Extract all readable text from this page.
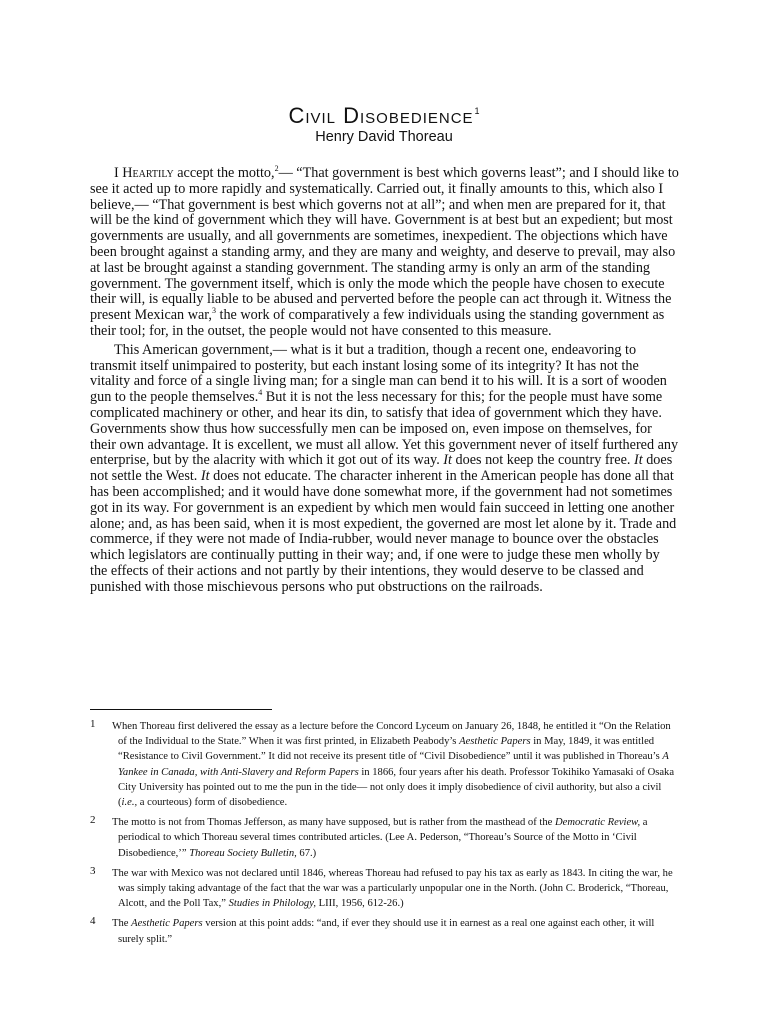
Civil Disobedience$^1$
Henry David Thoreau

I Heartily accept the motto,$^2$— “That government is best which governs least”; and I should like to see it acted up to more rapidly and systematically. Carried out, it finally amounts to this, which also I believe,— “That government is best which governs not at all”; and when men are prepared for it, that will be the kind of government which they will have. Government is at best but an expedient; but most governments are usually, and all governments are sometimes, inexpedient. The objections which have been brought against a standing army, and they are many and weighty, and deserve to prevail, may also at last be brought against a standing government. The standing army is only an arm of the standing government. The government itself, which is only the mode which the people have chosen to execute their will, is equally liable to be abused and perverted before the people can act through it. Witness the present Mexican war,$^3$ the work of comparatively a few individuals using the standing government as their tool; for, in the outset, the people would not have consented to this measure.

This American government,— what is it but a tradition, though a recent one, endeavoring to transmit itself unimpaired to posterity, but each instant losing some of its integrity? It has not the vitality and force of a single living man; for a single man can bend it to his will. It is a sort of wooden gun to the people themselves.$^4$ But it is not the less necessary for this; for the people must have some complicated machinery or other, and hear its din, to satisfy that idea of government which they have. Governments show thus how successfully men can be imposed on, even impose on themselves, for their own advantage. It is excellent, we must all allow. Yet this government never of itself furthered any enterprise, but by the alacrity with which it got out of its way. It does not keep the country free. It does not settle the West. It does not educate. The character inherent in the American people has done all that has been accomplished; and it would have done somewhat more, if the government had not sometimes got in its way. For government is an expedient by which men would fain succeed in letting one another alone; and, as has been said, when it is most expedient, the governed are most let alone by it. Trade and commerce, if they were not made of India-rubber, would never manage to bounce over the obstacles which legislators are continually putting in their way; and, if one were to judge these men wholly by the effects of their actions and not partly by their intentions, they would deserve to be classed and punished with those mischievous persons who put obstructions on the railroads.

1 When Thoreau first delivered the essay as a lecture before the Concord Lyceum on January 26, 1848, he entitled it “On the Relation of the Individual to the State.” When it was first printed, in Elizabeth Peabody’s Aesthetic Papers in May, 1849, it was entitled “Resistance to Civil Government.” It did not receive its present title of “Civil Disobedience” until it was published in Thoreau’s A Yankee in Canada, with Anti-Slavery and Reform Papers in 1866, four years after his death. Professor Tokihiko Yamasaki of Osaka City University has pointed out to me the pun in the tide— not only does it imply disobedience of civil authority, but also a civil (i.e., a courteous) form of disobedience.
2 The motto is not from Thomas Jefferson, as many have supposed, but is rather from the masthead of the Democratic Review, a periodical to which Thoreau several times contributed articles. (Lee A. Pederson, “Thoreau’s Source of the Motto in ‘Civil Disobedience,’” Thoreau Society Bulletin, 67.)
3 The war with Mexico was not declared until 1846, whereas Thoreau had refused to pay his tax as early as 1843. In citing the war, he was simply taking advantage of the fact that the war was a particularly unpopular one in the North. (John C. Broderick, “Thoreau, Alcott, and the Poll Tax,” Studies in Philology, LIII, 1956, 612-26.)
4 The Aesthetic Papers version at this point adds: “and, if ever they should use it in earnest as a real one against each other, it will surely split.”
